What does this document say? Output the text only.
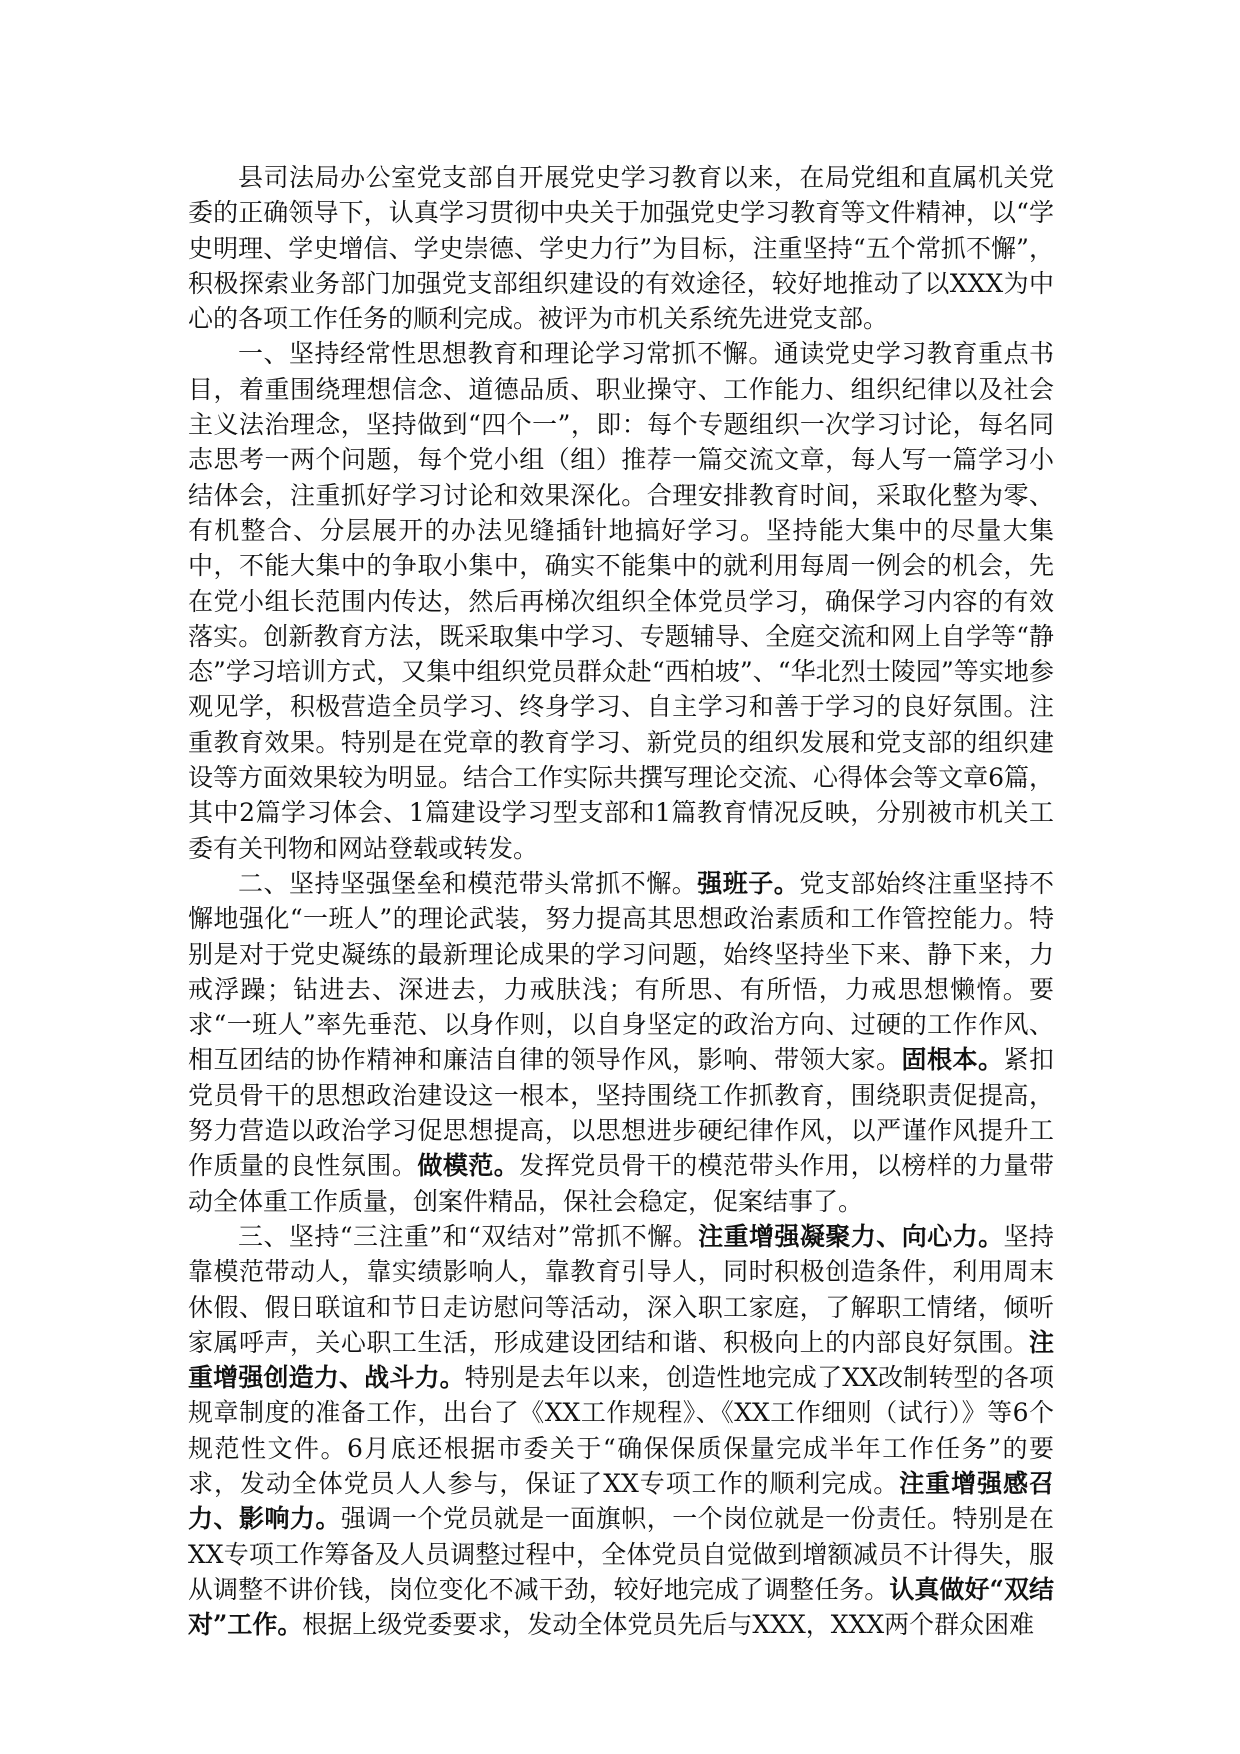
县司法局办公室党支部自开展党史学习教育以来，在局党组和直属机关党委的正确领导下，认真学习贯彻中央关于加强党史学习教育等文件精神，以“学史明理、学史增信、学史崇德、学史力行”为目标，注重坚持“五个常抓不懈”，积极探索业务部门加强党支部组织建设的有效途径，较好地推动了以XXX为中心的各项工作任务的顺利完成。被评为市机关系统先进党支部。

一、坚持经常性思想教育和理论学习常抓不懈。通读党史学习教育重点书目，着重围绕理想信念、道德品质、职业操守、工作能力、组织纪律以及社会主义法治理念，坚持做到“四个一”，即：每个专题组织一次学习讨论，每名同志思考一两个问题，每个党小组（组）推荐一篇交流文章，每人写一篇学习小结体会，注重抓好学习讨论和效果深化。合理安排教育时间，采取化整为零、有机整合、分层展开的办法见缝插针地搞好学习。坚持能大集中的尽量大集中，不能大集中的争取小集中，确实不能集中的就利用每周一例会的机会，先在党小组长范围内传达，然后再梯次组织全体党员学习，确保学习内容的有效落实。创新教育方法，既采取集中学习、专题辅导、全庭交流和网上自学等“静态”学习培训方式，又集中组织党员群众赴“西柏坡”、“华北烈士陵园”等实地参观见学，积极营造全员学习、终身学习、自主学习和善于学习的良好氛围。注重教育效果。特别是在党章的教育学习、新党员的组织发展和党支部的组织建设等方面效果较为明显。结合工作实际共撰写理论交流、心得体会等文章6篇，其中2篇学习体会、1篇建设学习型支部和1篇教育情况反映，分别被市机关工委有关刊物和网站登载或转发。

二、坚持坚强堡垒和模范带头常抓不懈。强班子。党支部始终注重坚持不懈地强化“一班人”的理论武装，努力提高其思想政治素质和工作管控能力。特别是对于党史凝练的最新理论成果的学习问题，始终坚持坐下来、静下来，力戒浮躁；钻进去、深进去，力戒肤浅；有所思、有所悟，力戒思想懒惰。要求“一班人”率先垂范、以身作则，以自身坚定的政治方向、过硬的工作作风、相互团结的协作精神和廉洁自律的领导作风，影响、带领大家。固根本。紧扣党员骨干的思想政治建设这一根本，坚持围绕工作抓教育，围绕职责促提高，努力营造以政治学习促思想提高，以思想进步硬纪律作风，以严谨作风提升工作质量的良性氛围。做模范。发挥党员骨干的模范带头作用，以榜样的力量带动全体重工作质量，创案件精品，保社会稳定，促案结事了。

三、坚持“三注重”和“双结对”常抓不懈。注重增强凝聚力、向心力。坚持靠模范带动人，靠实绩影响人，靠教育引导人，同时积极创造条件，利用周末休假、假日联谊和节日走访慰问等活动，深入职工家庭，了解职工情绪，倾听家属呼声，关心职工生活，形成建设团结和谐、积极向上的内部良好氛围。注重增强创造力、战斗力。特别是去年以来，创造性地完成了XX改制转型的各项规章制度的准备工作，出台了《XX工作规程》、《XX工作细则（试行）》等6个规范性文件。6月底还根据市委关于“确保保质保量完成半年工作任务”的要求，发动全体党员人人参与，保证了XX专项工作的顺利完成。注重增强感召力、影响力。强调一个党员就是一面旗帜，一个岗位就是一份责任。特别是在XX专项工作筹备及人员调整过程中，全体党员自觉做到增额减员不计得失，服从调整不讲价钱，岗位变化不减干劲，较好地完成了调整任务。认真做好“双结对”工作。根据上级党委要求，发动全体党员先后与XXX，XXX两个群众困难
